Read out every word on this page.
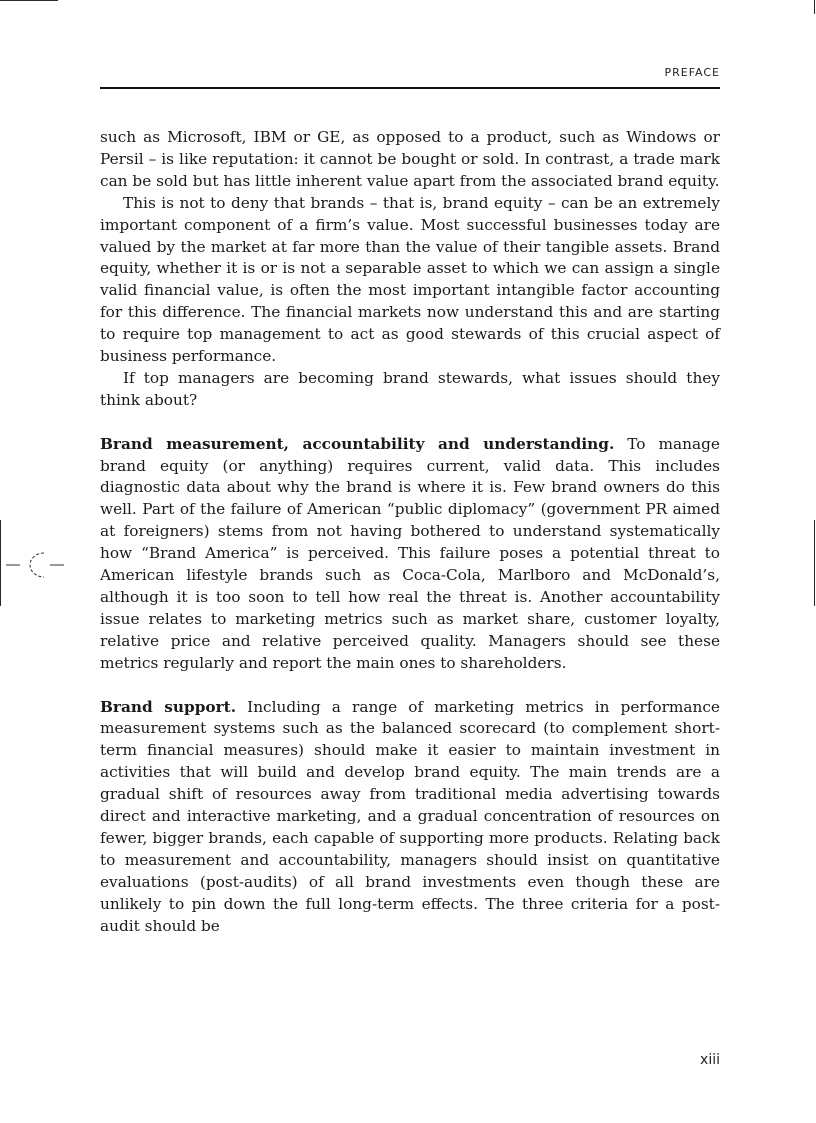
PREFACE

such as Microsoft, IBM or GE, as opposed to a product, such as Windows or Persil – is like reputation: it cannot be bought or sold. In contrast, a trade mark can be sold but has little inherent value apart from the associated brand equity.

This is not to deny that brands – that is, brand equity – can be an extremely important component of a firm’s value. Most successful businesses today are valued by the market at far more than the value of their tangible assets. Brand equity, whether it is or is not a separable asset to which we can assign a single valid financial value, is often the most important intangible factor accounting for this difference. The financial markets now understand this and are starting to require top management to act as good stewards of this crucial aspect of business performance.

If top managers are becoming brand stewards, what issues should they think about?

Brand measurement, accountability and understanding. To manage brand equity (or anything) requires current, valid data. This includes diagnostic data about why the brand is where it is. Few brand owners do this well. Part of the failure of American “public diplomacy” (government PR aimed at foreigners) stems from not having bothered to understand systematically how “Brand America” is perceived. This failure poses a potential threat to American lifestyle brands such as Coca-Cola, Marlboro and McDonald’s, although it is too soon to tell how real the threat is. Another accountability issue relates to marketing metrics such as market share, customer loyalty, relative price and relative perceived quality. Managers should see these metrics regularly and report the main ones to shareholders.

Brand support. Including a range of marketing metrics in performance measurement systems such as the balanced scorecard (to complement short-term financial measures) should make it easier to maintain investment in activities that will build and develop brand equity. The main trends are a gradual shift of resources away from traditional media advertising towards direct and interactive marketing, and a gradual concentration of resources on fewer, bigger brands, each capable of supporting more products. Relating back to measurement and accountability, managers should insist on quantitative evaluations (post-audits) of all brand investments even though these are unlikely to pin down the full long-term effects. The three criteria for a post-audit should be

xiii
